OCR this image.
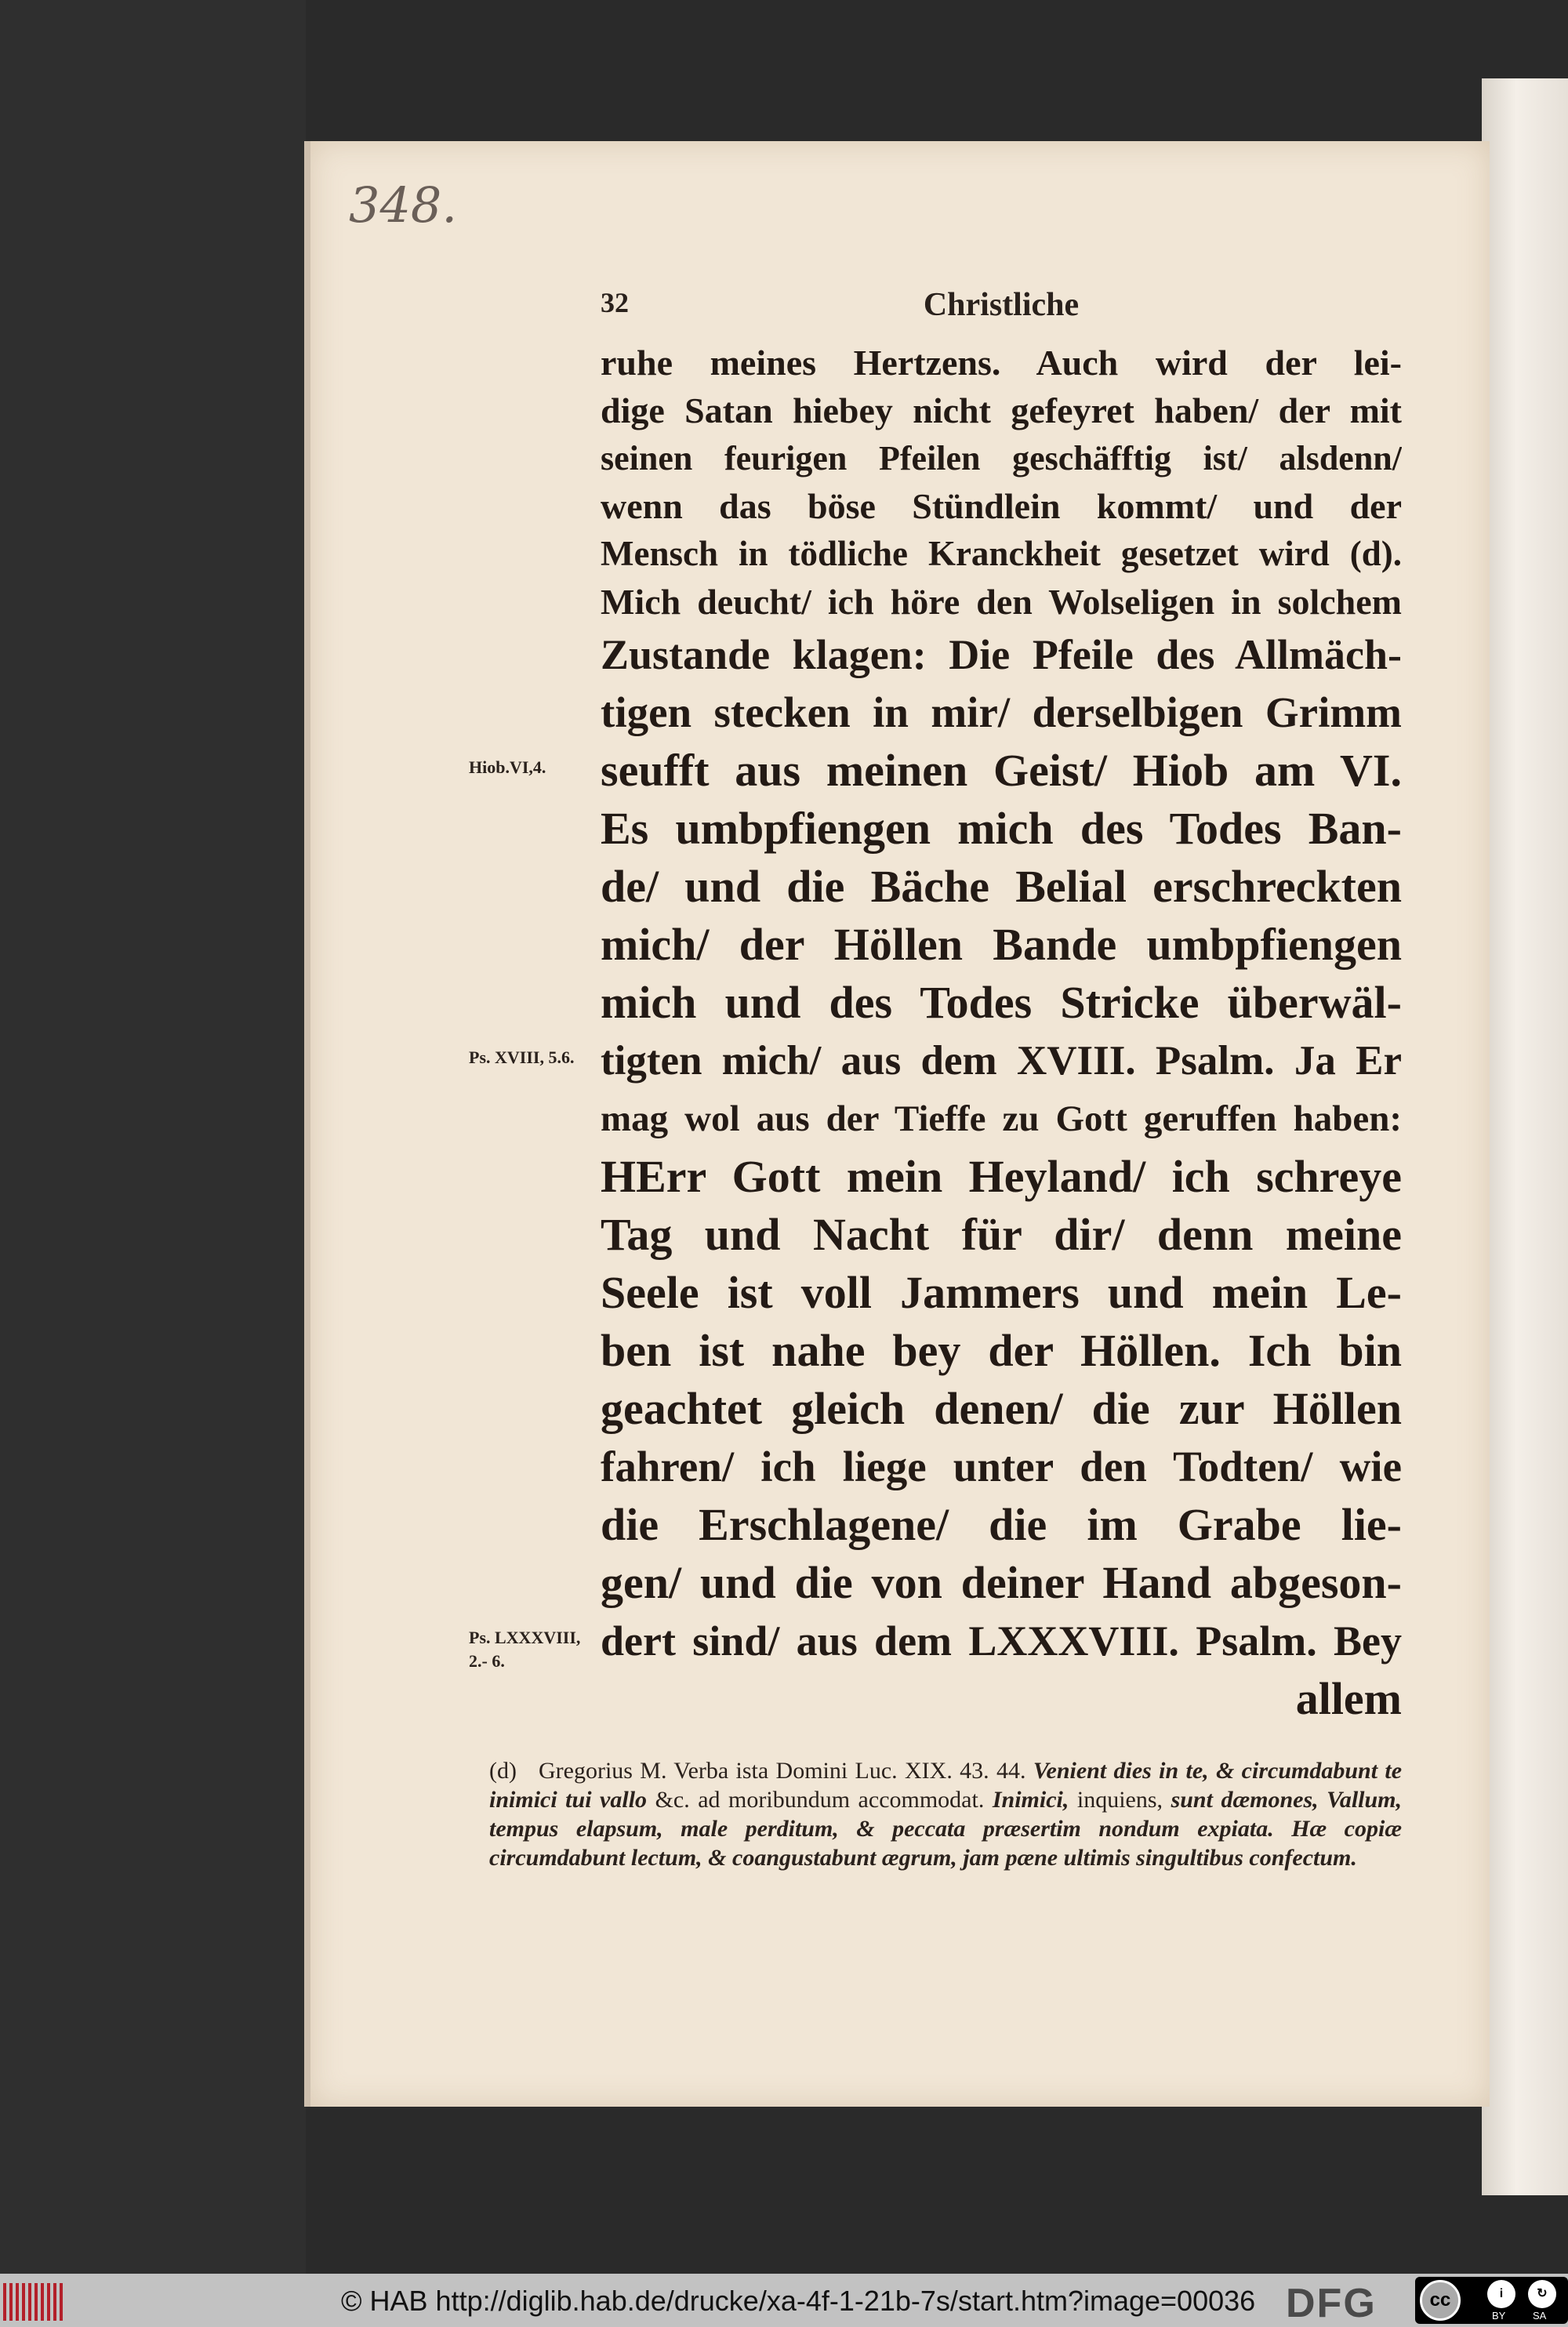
348.
32	Christliche
ruhe meines Hertzens. Auch wird der lei-
dige Satan hiebey nicht gefeyret haben/ der mit
seinen feurigen Pfeilen geschäfftig ist/ alsdenn/
wenn das böse Stündlein kommt/ und der
Mensch in tödliche Kranckheit gesetzet wird (d).
Mich deucht/ ich höre den Wolseligen in solchem
Zustande klagen: Die Pfeile des Allmäch-
tigen stecken in mir/ derselbigen Grimm
seufft aus meinen Geist/ Hiob am VI.
Es umbpfiengen mich des Todes Ban-
de/ und die Bäche Belial erschreckten
mich/ der Höllen Bande umbpfiengen
mich und des Todes Stricke überwäl-
tigten mich/ aus dem XVIII. Psalm. Ja Er
mag wol aus der Tieffe zu Gott geruffen haben:
HErr Gott mein Heyland/ ich schreye
Tag und Nacht für dir/ denn meine
Seele ist voll Jammers und mein Le-
ben ist nahe bey der Höllen. Ich bin
geachtet gleich denen/ die zur Höllen
fahren/ ich liege unter den Todten/ wie
die Erschlagene/ die im Grabe lie-
gen/ und die von deiner Hand abgeson-
dert sind/ aus dem LXXXVIII. Psalm. Bey
allem
Hiob.VI,4.
Ps. XVIII, 5.6.
Ps. LXXXVIII, 2.- 6.
(d) Gregorius M. Verba ista Domini Luc. XIX. 43. 44. Venient dies in te, & circumdabunt te inimici tui vallo &c. ad moribundum accommodat. Inimici, inquiens, sunt dæmones, Vallum, tempus elapsum, male perditum, & peccata præsertim nondum expiata. Hæ copiæ circumdabunt lectum, & coangustabunt ægrum, jam pæne ultimis singultibus confectum.
© HAB http://diglib.hab.de/drucke/xa-4f-1-21b-7s/start.htm?image=00036 DFG	cc	i	↻
BY	SA
